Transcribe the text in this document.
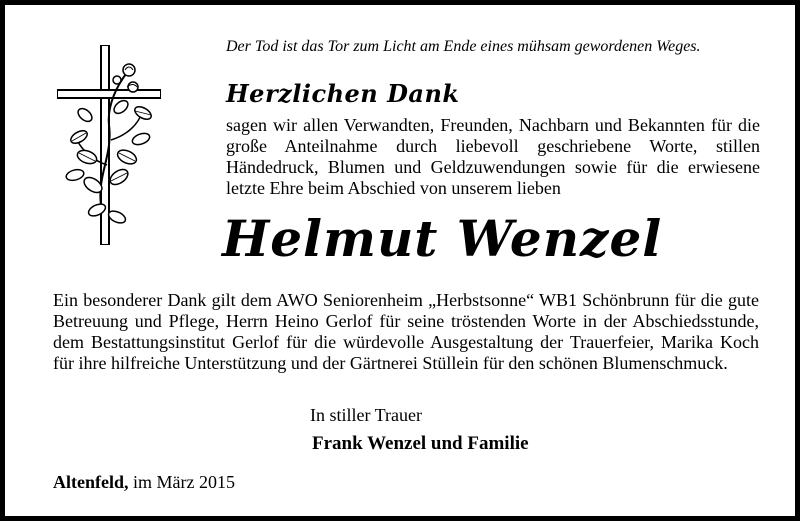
Der Tod ist das Tor zum Licht am Ende eines mühsam gewordenen Weges.
Herzlichen Dank

sagen wir allen Verwandten, Freunden, Nachbarn und Bekannten für die große Anteilnahme durch liebevoll geschriebene Worte, stillen Händedruck, Blumen und Geldzuwendungen sowie für die erwiesene letzte Ehre beim Abschied von unserem lieben

Helmut Wenzel

Ein besonderer Dank gilt dem AWO Seniorenheim „Herbstsonne“ WB1 Schönbrunn für die gute Betreuung und Pflege, Herrn Heino Gerlof für seine tröstenden Worte in der Abschiedsstunde, dem Bestattungsinstitut Gerlof für die würdevolle Ausgestaltung der Trauerfeier, Marika Koch für ihre hilfreiche Unterstützung und der Gärtnerei Stüllein für den schönen Blumenschmuck.

In stiller Trauer
Frank Wenzel und Familie
Altenfeld, im März 2015
